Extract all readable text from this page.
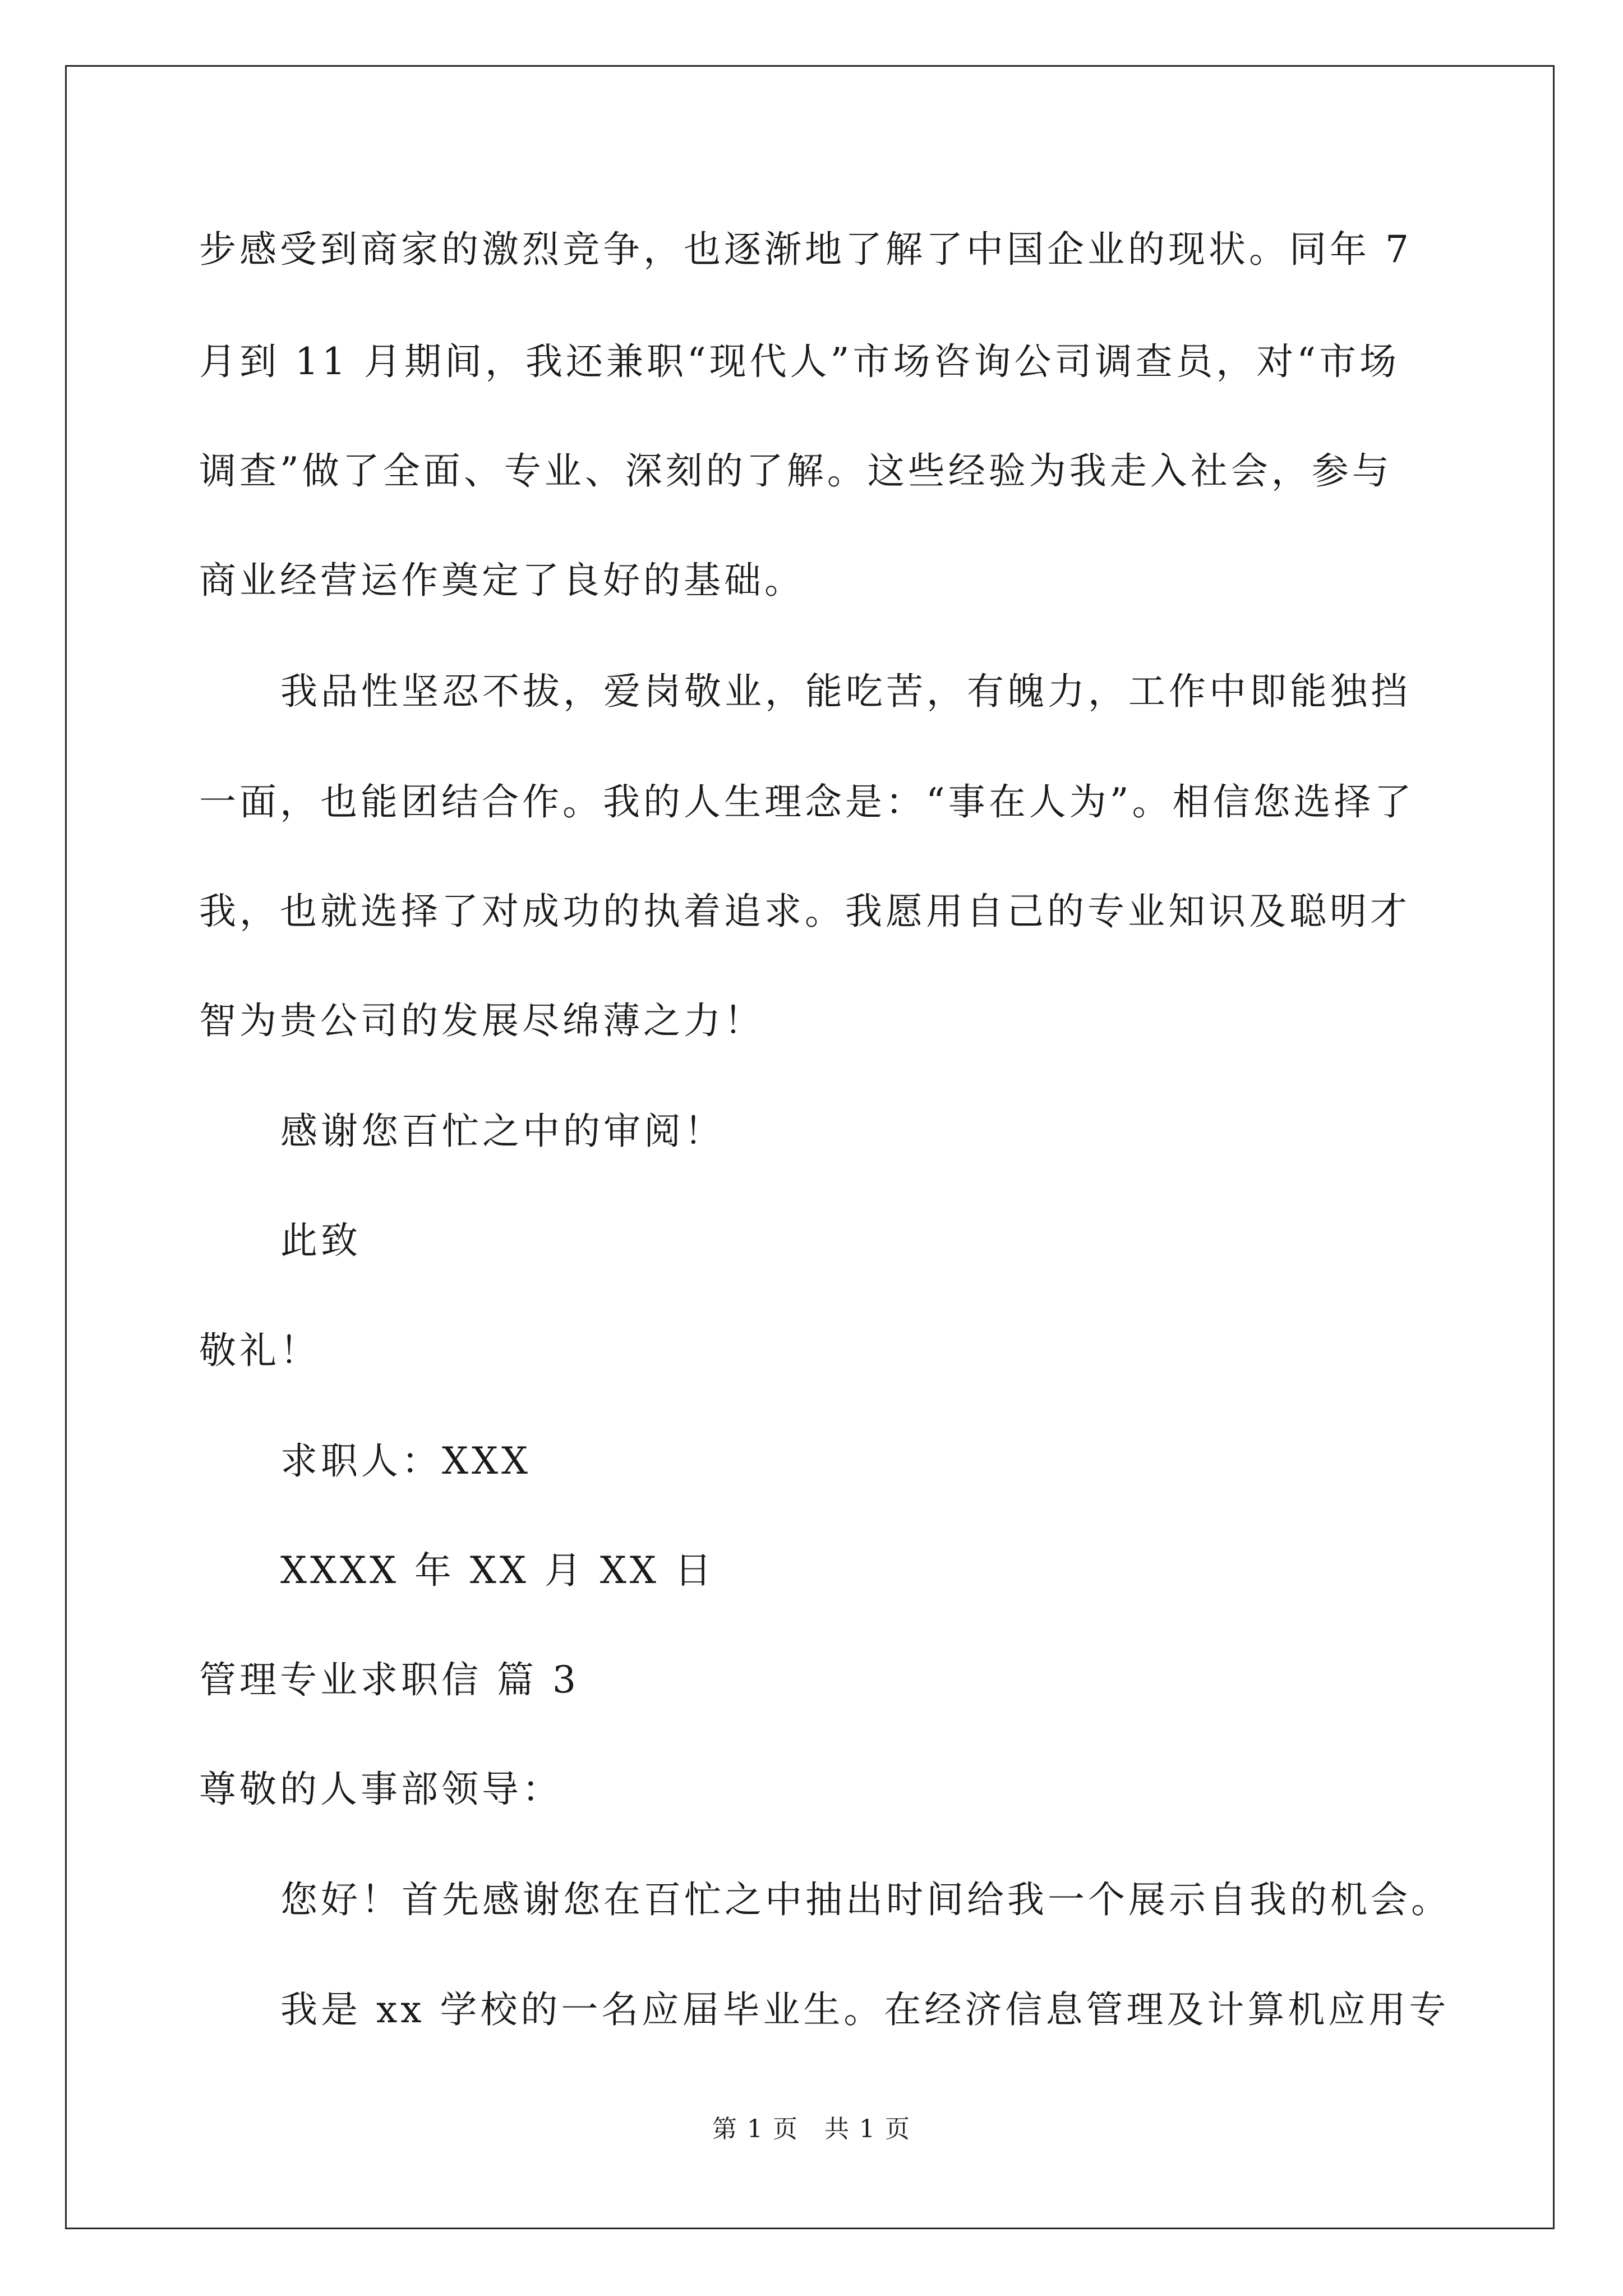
步感受到商家的激烈竞争，也逐渐地了解了中国企业的现状。同年 7
月到 11 月期间，我还兼职“现代人”市场咨询公司调查员，对“市场
调查”做了全面、专业、深刻的了解。这些经验为我走入社会，参与
商业经营运作奠定了良好的基础。
我品性坚忍不拔，爱岗敬业，能吃苦，有魄力，工作中即能独挡
一面，也能团结合作。我的人生理念是：“事在人为”。相信您选择了
我，也就选择了对成功的执着追求。我愿用自己的专业知识及聪明才
智为贵公司的发展尽绵薄之力！
感谢您百忙之中的审阅！
此致
敬礼！
求职人：XXX
XXXX 年 XX 月 XX 日
管理专业求职信 篇 3
尊敬的人事部领导：
您好！首先感谢您在百忙之中抽出时间给我一个展示自我的机会。
我是 xx 学校的一名应届毕业生。在经济信息管理及计算机应用专
第 1 页　共 1 页
